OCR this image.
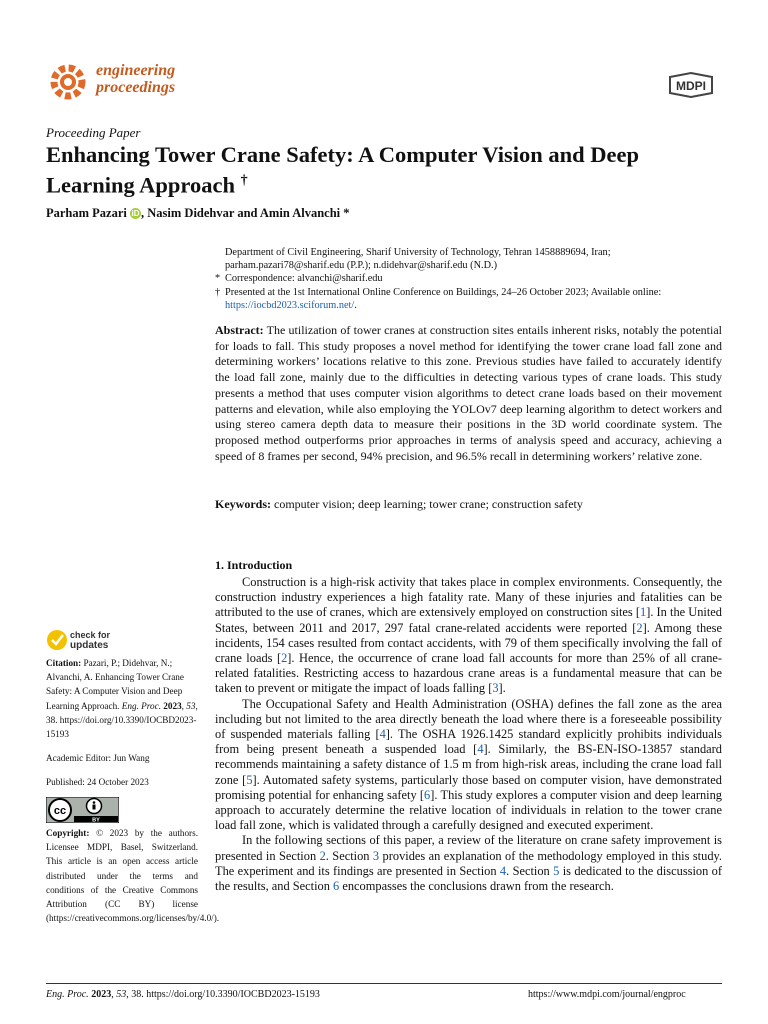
engineering
proceedings	MDPI
Proceeding Paper
Enhancing Tower Crane Safety: A Computer Vision and Deep Learning Approach †
Parham Pazari iD , Nasim Didehvar and Amin Alvanchi *
Department of Civil Engineering, Sharif University of Technology, Tehran 1458889694, Iran;
parham.pazari78@sharif.edu (P.P.); n.didehvar@sharif.edu (N.D.)
* Correspondence: alvanchi@sharif.edu
† Presented at the 1st International Online Conference on Buildings, 24–26 October 2023; Available online:
https://iocbd2023.sciforum.net/.
Abstract: The utilization of tower cranes at construction sites entails inherent risks, notably the potential for loads to fall. This study proposes a novel method for identifying the tower crane load fall zone and determining workers’ locations relative to this zone. Previous studies have failed to accurately identify the load fall zone, mainly due to the difficulties in detecting various types of crane loads. This study presents a method that uses computer vision algorithms to detect crane loads based on their movement patterns and elevation, while also employing the YOLOv7 deep learning algorithm to detect workers and using stereo camera depth data to measure their positions in the 3D world coordinate system. The proposed method outperforms prior approaches in terms of analysis speed and accuracy, achieving a speed of 8 frames per second, 94% precision, and 96.5% recall in determining workers’ relative zone.
Keywords: computer vision; deep learning; tower crane; construction safety
1. Introduction

Construction is a high-risk activity that takes place in complex environments. Consequently, the construction industry experiences a high fatality rate. Many of these injuries and fatalities can be attributed to the use of cranes, which are extensively employed on construction sites [1]. In the United States, between 2011 and 2017, 297 fatal crane-related accidents were reported [2]. Among these incidents, 154 cases resulted from contact accidents, with 79 of them specifically involving the fall of crane loads [2]. Hence, the occurrence of crane load fall accounts for more than 25% of all crane-related fatalities. Restricting access to hazardous crane areas is a fundamental measure that can be taken to prevent or mitigate the impact of loads falling [3].

The Occupational Safety and Health Administration (OSHA) defines the fall zone as the area including but not limited to the area directly beneath the load where there is a foreseeable possibility of suspended materials falling [4]. The OSHA 1926.1425 standard explicitly prohibits individuals from being present beneath a suspended load [4]. Similarly, the BS-EN-ISO-13857 standard recommends maintaining a safety distance of 1.5 m from high-risk areas, including the crane load fall zone [5]. Automated safety systems, particularly those based on computer vision, have demonstrated promising potential for enhancing safety [6]. This study explores a computer vision and deep learning approach to accurately determine the relative location of individuals in relation to the tower crane load fall zone, which is validated through a carefully designed and executed experiment.

In the following sections of this paper, a review of the literature on crane safety improvement is presented in Section 2. Section 3 provides an explanation of the methodology employed in this study. The experiment and its findings are presented in Section 4. Section 5 is dedicated to the discussion of the results, and Section 6 encompasses the conclusions drawn from the research.

check for
updates
Citation: Pazari, P.; Didehvar, N.; Alvanchi, A. Enhancing Tower Crane Safety: A Computer Vision and Deep Learning Approach. Eng. Proc. 2023, 53, 38. https://doi.org/10.3390/IOCBD2023-15193
Academic Editor: Jun Wang
Published: 24 October 2023
cc
BY
Copyright: © 2023 by the authors. Licensee MDPI, Basel, Switzerland. This article is an open access article distributed under the terms and conditions of the Creative Commons Attribution (CC BY) license (https://creativecommons.org/licenses/by/4.0/).
Eng. Proc. 2023, 53, 38. https://doi.org/10.3390/IOCBD2023-15193	https://www.mdpi.com/journal/engproc
